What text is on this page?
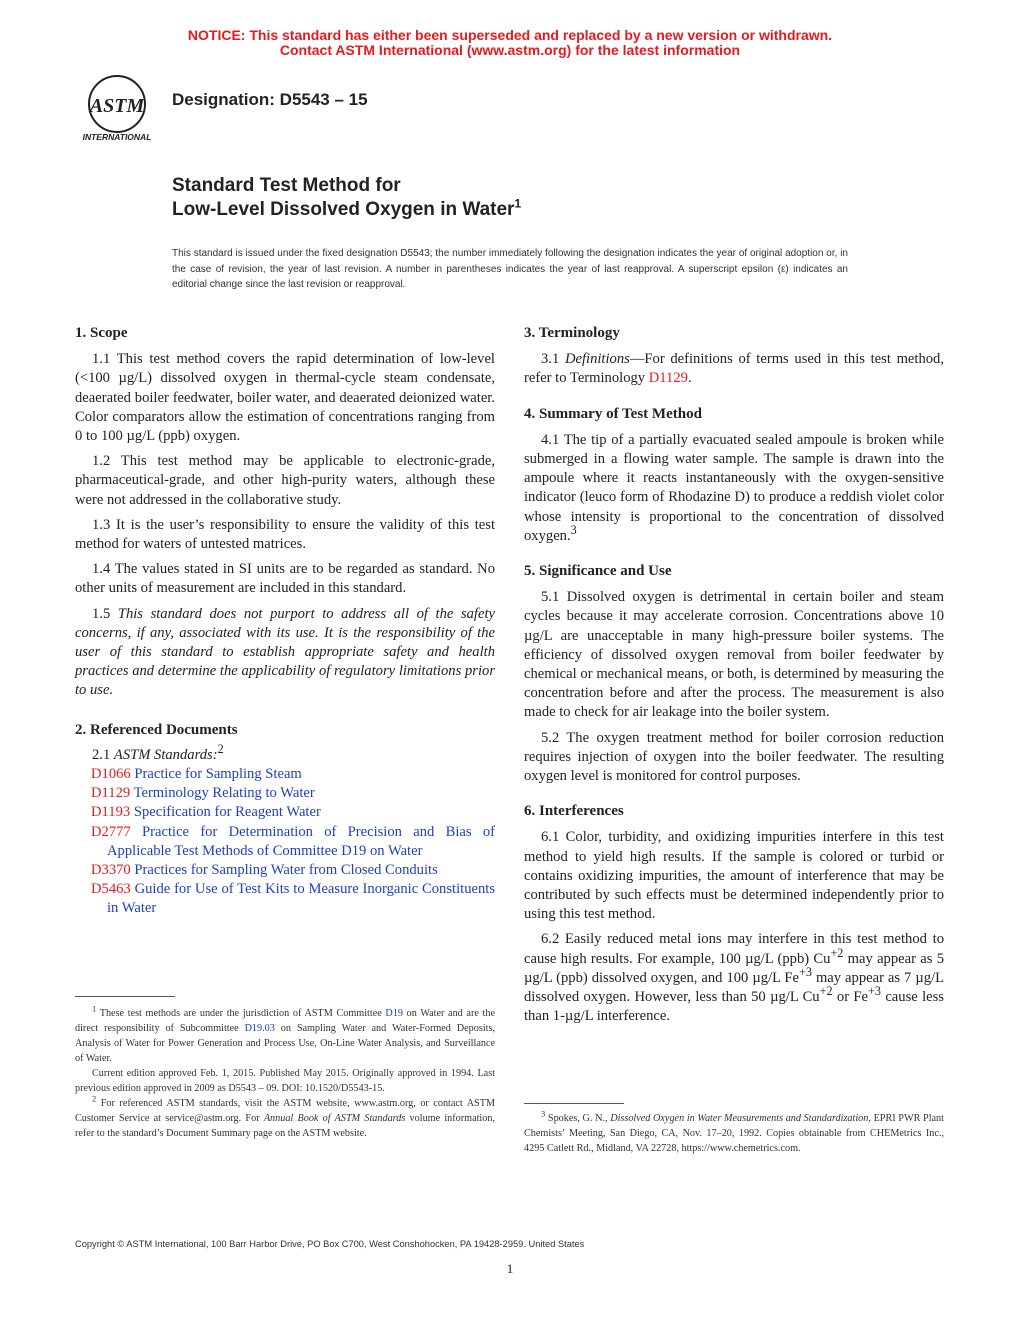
NOTICE: This standard has either been superseded and replaced by a new version or withdrawn.
Contact ASTM International (www.astm.org) for the latest information
ASTM
INTERNATIONAL
Designation: D5543 – 15
Standard Test Method for
Low-Level Dissolved Oxygen in Water$^1$
This standard is issued under the fixed designation D5543; the number immediately following the designation indicates the year of original adoption or, in the case of revision, the year of last revision. A number in parentheses indicates the year of last reapproval. A superscript epsilon (ε) indicates an editorial change since the last revision or reapproval.
1. Scope
1.1 This test method covers the rapid determination of low-level (<100 µg/L) dissolved oxygen in thermal-cycle steam condensate, deaerated boiler feedwater, boiler water, and deaerated deionized water. Color comparators allow the estimation of concentrations ranging from 0 to 100 µg/L (ppb) oxygen.
1.2 This test method may be applicable to electronic-grade, pharmaceutical-grade, and other high-purity waters, although these were not addressed in the collaborative study.
1.3 It is the user’s responsibility to ensure the validity of this test method for waters of untested matrices.
1.4 The values stated in SI units are to be regarded as standard. No other units of measurement are included in this standard.
1.5 This standard does not purport to address all of the safety concerns, if any, associated with its use. It is the responsibility of the user of this standard to establish appropriate safety and health practices and determine the applicability of regulatory limitations prior to use.
2. Referenced Documents
2.1 ASTM Standards:$^2$
D1066 Practice for Sampling Steam
D1129 Terminology Relating to Water
D1193 Specification for Reagent Water
D2777 Practice for Determination of Precision and Bias of Applicable Test Methods of Committee D19 on Water
D3370 Practices for Sampling Water from Closed Conduits
D5463 Guide for Use of Test Kits to Measure Inorganic Constituents in Water
$^1$ These test methods are under the jurisdiction of ASTM Committee D19 on Water and are the direct responsibility of Subcommittee D19.03 on Sampling Water and Water-Formed Deposits, Analysis of Water for Power Generation and Process Use, On-Line Water Analysis, and Surveillance of Water.
Current edition approved Feb. 1, 2015. Published May 2015. Originally approved in 1994. Last previous edition approved in 2009 as D5543 – 09. DOI: 10.1520/D5543-15.
$^2$ For referenced ASTM standards, visit the ASTM website, www.astm.org, or contact ASTM Customer Service at service@astm.org. For Annual Book of ASTM Standards volume information, refer to the standard’s Document Summary page on the ASTM website.
3. Terminology
3.1 Definitions—For definitions of terms used in this test method, refer to Terminology D1129.
4. Summary of Test Method
4.1 The tip of a partially evacuated sealed ampoule is broken while submerged in a flowing water sample. The sample is drawn into the ampoule where it reacts instantaneously with the oxygen-sensitive indicator (leuco form of Rhodazine D) to produce a reddish violet color whose intensity is proportional to the concentration of dissolved oxygen.$^3$
5. Significance and Use
5.1 Dissolved oxygen is detrimental in certain boiler and steam cycles because it may accelerate corrosion. Concentrations above 10 µg/L are unacceptable in many high-pressure boiler systems. The efficiency of dissolved oxygen removal from boiler feedwater by chemical or mechanical means, or both, is determined by measuring the concentration before and after the process. The measurement is also made to check for air leakage into the boiler system.
5.2 The oxygen treatment method for boiler corrosion reduction requires injection of oxygen into the boiler feedwater. The resulting oxygen level is monitored for control purposes.
6. Interferences
6.1 Color, turbidity, and oxidizing impurities interfere in this test method to yield high results. If the sample is colored or turbid or contains oxidizing impurities, the amount of interference that may be contributed by such effects must be determined independently prior to using this test method.
6.2 Easily reduced metal ions may interfere in this test method to cause high results. For example, 100 µg/L (ppb) $Cu^{+2}$ may appear as 5 µg/L (ppb) dissolved oxygen, and 100 µg/L $Fe^{+3}$ may appear as 7 µg/L dissolved oxygen. However, less than 50 µg/L $Cu^{+2}$ or $Fe^{+3}$ cause less than 1-µg/L interference.
$^3$ Spokes, G. N., Dissolved Oxygen in Water Measurements and Standardization, EPRI PWR Plant Chemists’ Meeting, San Diego, CA, Nov. 17–20, 1992. Copies obtainable from CHEMetrics Inc., 4295 Catlett Rd., Midland, VA 22728, https://www.chemetrics.com.
Copyright © ASTM International, 100 Barr Harbor Drive, PO Box C700, West Conshohocken, PA 19428-2959. United States
1
